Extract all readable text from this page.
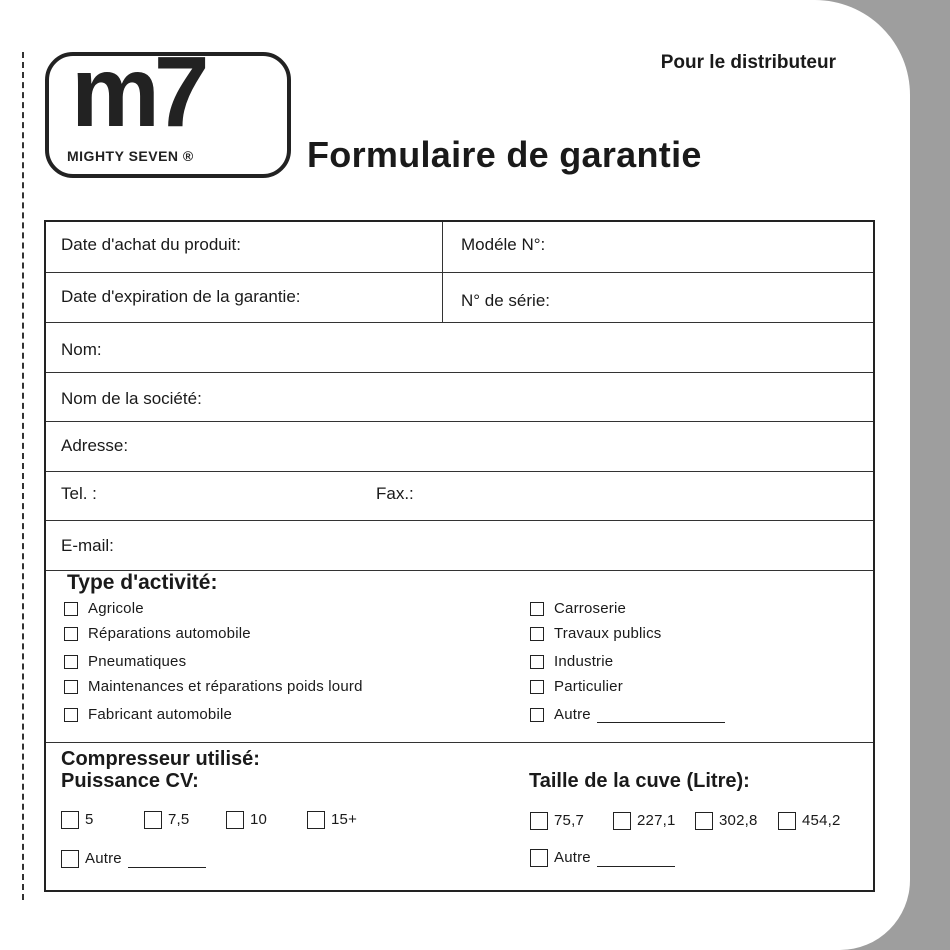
m7
MIGHTY SEVEN ®
Pour le distributeur
Formulaire de garantie
Date d'achat du produit:	Modéle N°:
Date d'expiration de la garantie:	N° de série:
Nom:
Nom de la société:
Adresse:
Tel. :	Fax.:
E-mail:
Type d'activité:
Agricole
Réparations automobile
Pneumatiques
Maintenances et réparations poids lourd
Fabricant automobile
Carroserie
Travaux publics
Industrie
Particulier
Autre
Compresseur utilisé:
Puissance CV:	Taille de la cuve (Litre):
5	7,5	10	15+
Autre
75,7	227,1	302,8	454,2
Autre
